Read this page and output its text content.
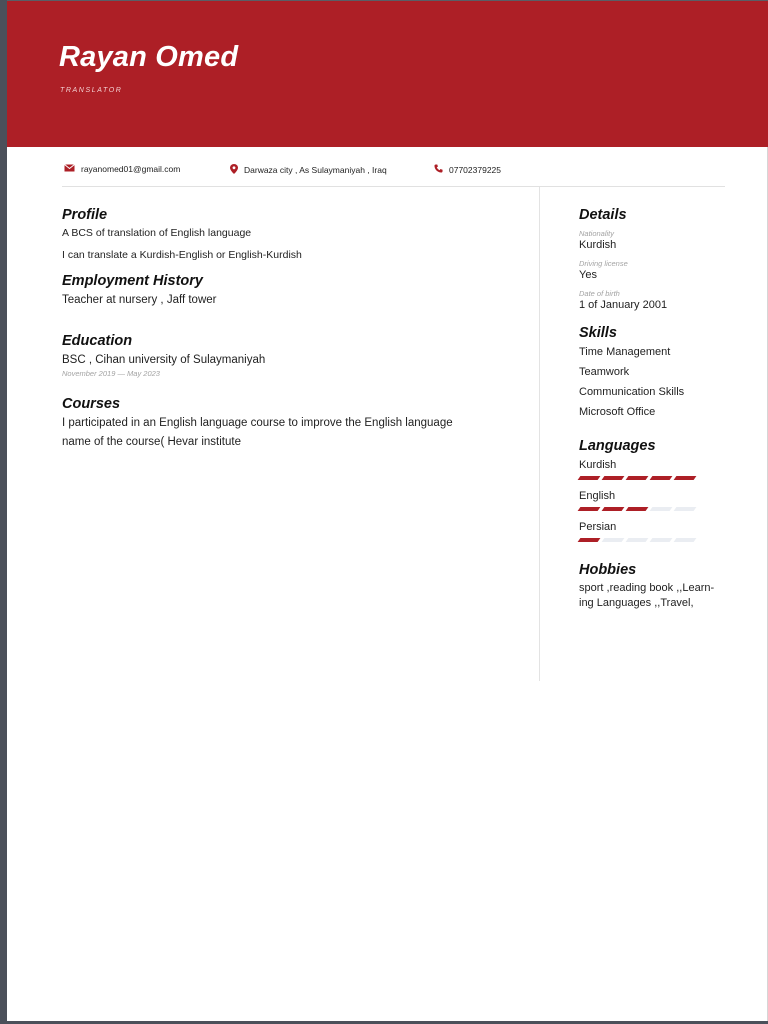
Rayan Omed
TRANSLATOR
rayanomed01@gmail.com	Darwaza city , As Sulaymaniyah , Iraq	07702379225
Profile
A BCS of translation of English language
I can translate a Kurdish-English or English-Kurdish
Employment History
Teacher at nursery , Jaff tower
Education
BSC , Cihan university of Sulaymaniyah
November 2019 — May 2023
Courses
I participated in an English language course to improve the English language
name of the course( Hevar institute
Details
Nationality
Kurdish
Driving license
Yes
Date of birth
1 of January 2001
Skills
Time Management
Teamwork
Communication Skills
Microsoft Office
Languages
Kurdish
English
Persian
Hobbies
sport ,reading book ,,Learn-
ing Languages ,,Travel,
